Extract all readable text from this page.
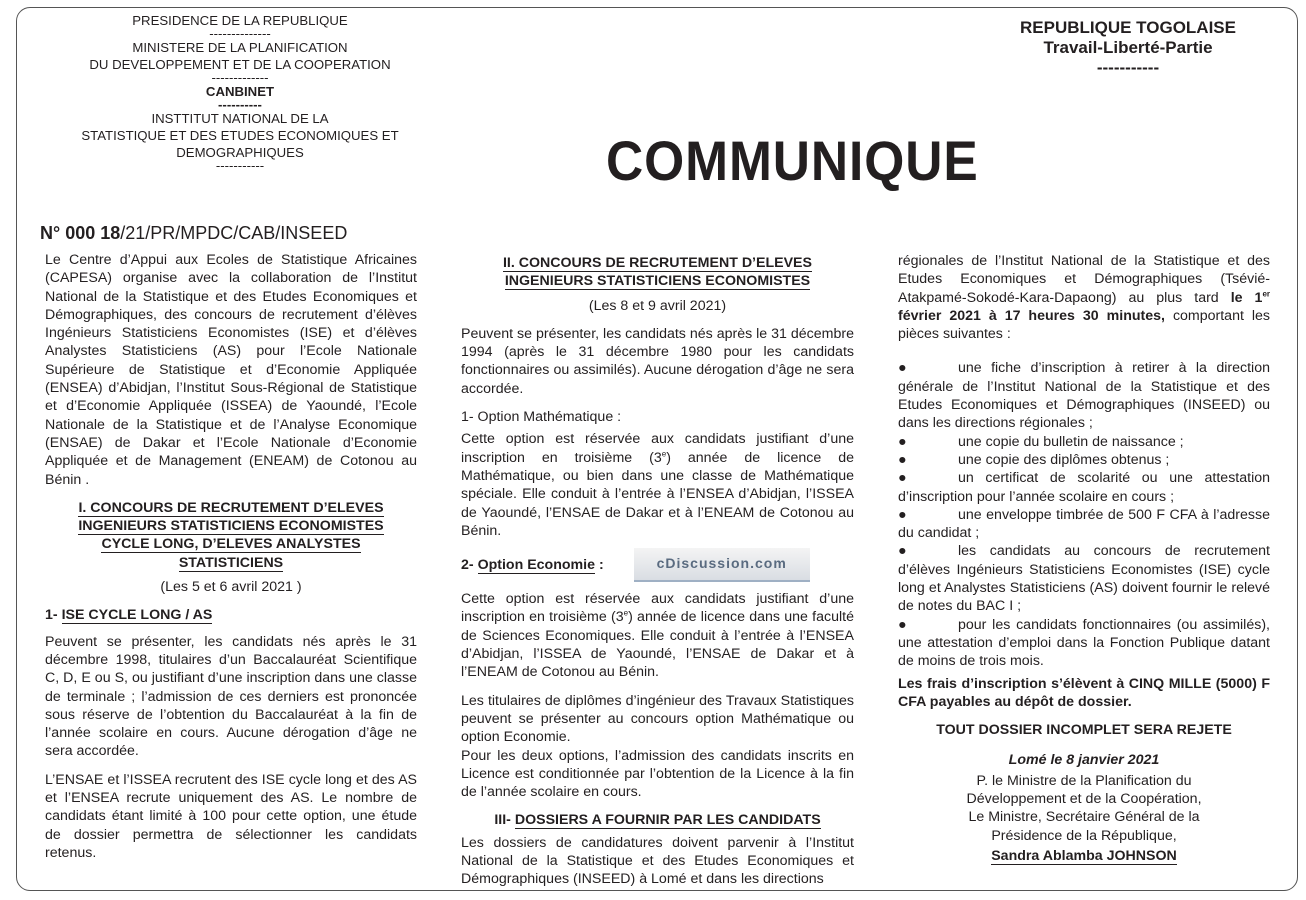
PRESIDENCE DE LA REPUBLIQUE
--------------
MINISTERE DE LA PLANIFICATION
DU DEVELOPPEMENT ET DE LA COOPERATION
-------------
CANBINET
----------
INSTTITUT NATIONAL DE LA
STATISTIQUE ET DES ETUDES ECONOMIQUES ET
DEMOGRAPHIQUES
-----------
REPUBLIQUE TOGOLAISE
Travail-Liberté-Partie
-----------
COMMUNIQUE
N° 000 18/21/PR/MPDC/CAB/INSEED

Le Centre d’Appui aux Ecoles de Statistique Africaines (CAPESA) organise avec la collaboration de l’Institut National de la Statistique et des Etudes Economiques et Démographiques, des concours de recrutement d’élèves Ingénieurs Statisticiens Economistes (ISE) et d’élèves Analystes Statisticiens (AS) pour l’Ecole Nationale Supérieure de Statistique et d’Economie Appliquée (ENSEA) d’Abidjan, l’Institut Sous-Régional de Statistique et d’Economie Appliquée (ISSEA) de Yaoundé, l’Ecole Nationale de la Statistique et de l’Analyse Economique (ENSAE) de Dakar et l’Ecole Nationale d’Economie Appliquée et de Management (ENEAM) de Cotonou au Bénin .

I. CONCOURS DE RECRUTEMENT D’ELEVES
INGENIEURS STATISTICIENS ECONOMISTES
CYCLE LONG, D’ELEVES ANALYSTES
STATISTICIENS
(Les 5 et 6 avril 2021 )
1- ISE CYCLE LONG / AS

Peuvent se présenter, les candidats nés après le 31 décembre 1998, titulaires d’un Baccalauréat Scientifique C, D, E ou S, ou justifiant d’une inscription dans une classe de terminale ; l’admission de ces derniers est prononcée sous réserve de l’obtention du Baccalauréat à la fin de l’année scolaire en cours. Aucune dérogation d’âge ne sera accordée.

L’ENSAE et l’ISSEA recrutent des ISE cycle long et des AS et l’ENSEA recrute uniquement des AS. Le nombre de candidats étant limité à 100 pour cette option, une étude de dossier permettra de sélectionner les candidats retenus.

II. CONCOURS DE RECRUTEMENT D’ELEVES
INGENIEURS STATISTICIENS ECONOMISTES
(Les 8 et 9 avril 2021)

Peuvent se présenter, les candidats nés après le 31 décembre 1994 (après le 31 décembre 1980 pour les candidats fonctionnaires ou assimilés). Aucune dérogation d’âge ne sera accordée.

1- Option Mathématique :

Cette option est réservée aux candidats justifiant d’une inscription en troisième (3e) année de licence de Mathématique, ou bien dans une classe de Mathématique spéciale. Elle conduit à l’entrée à l’ENSEA d’Abidjan, l’ISSEA de Yaoundé, l’ENSAE de Dakar et à l’ENEAM de Cotonou au Bénin.

2- Option Economie :	cDiscussion.com

Cette option est réservée aux candidats justifiant d’une inscription en troisième (3e) année de licence dans une faculté de Sciences Economiques. Elle conduit à l’entrée à l’ENSEA d’Abidjan, l’ISSEA de Yaoundé, l’ENSAE de Dakar et à l’ENEAM de Cotonou au Bénin.

Les titulaires de diplômes d’ingénieur des Travaux Statistiques peuvent se présenter au concours option Mathématique ou option Economie.

Pour les deux options, l’admission des candidats inscrits en Licence est conditionnée par l’obtention de la Licence à la fin de l’année scolaire en cours.

III- DOSSIERS A FOURNIR PAR LES CANDIDATS

Les dossiers de candidatures doivent parvenir à l’Institut National de la Statistique et des Etudes Economiques et Démographiques (INSEED) à Lomé et dans les directions

régionales de l’Institut National de la Statistique et des Etudes Economiques et Démographiques (Tsévié-Atakpamé-Sokodé-Kara-Dapaong) au plus tard le 1er février 2021 à 17 heures 30 minutes, comportant les pièces suivantes :

●	une fiche d’inscription à retirer à la direction générale de l’Institut National de la Statistique et des Etudes Economiques et Démographiques (INSEED) ou dans les directions régionales ;
●	une copie du bulletin de naissance ;
●	une copie des diplômes obtenus ;
●	un certificat de scolarité ou une attestation d’inscription pour l’année scolaire en cours ;
●	une enveloppe timbrée de 500 F CFA à l’adresse du candidat ;
●	les candidats au concours de recrutement d’élèves Ingénieurs Statisticiens Economistes (ISE) cycle long et Analystes Statisticiens (AS) doivent fournir le relevé de notes du BAC I ;
●	pour les candidats fonctionnaires (ou assimilés), une attestation d’emploi dans la Fonction Publique datant de moins de trois mois.

Les frais d’inscription s’élèvent à CINQ MILLE (5000) F CFA payables au dépôt de dossier.

TOUT DOSSIER INCOMPLET SERA REJETE

Lomé le 8 janvier 2021
P. le Ministre de la Planification du
Développement et de la Coopération,
Le Ministre, Secrétaire Général de la
Présidence de la République,
Sandra Ablamba JOHNSON
